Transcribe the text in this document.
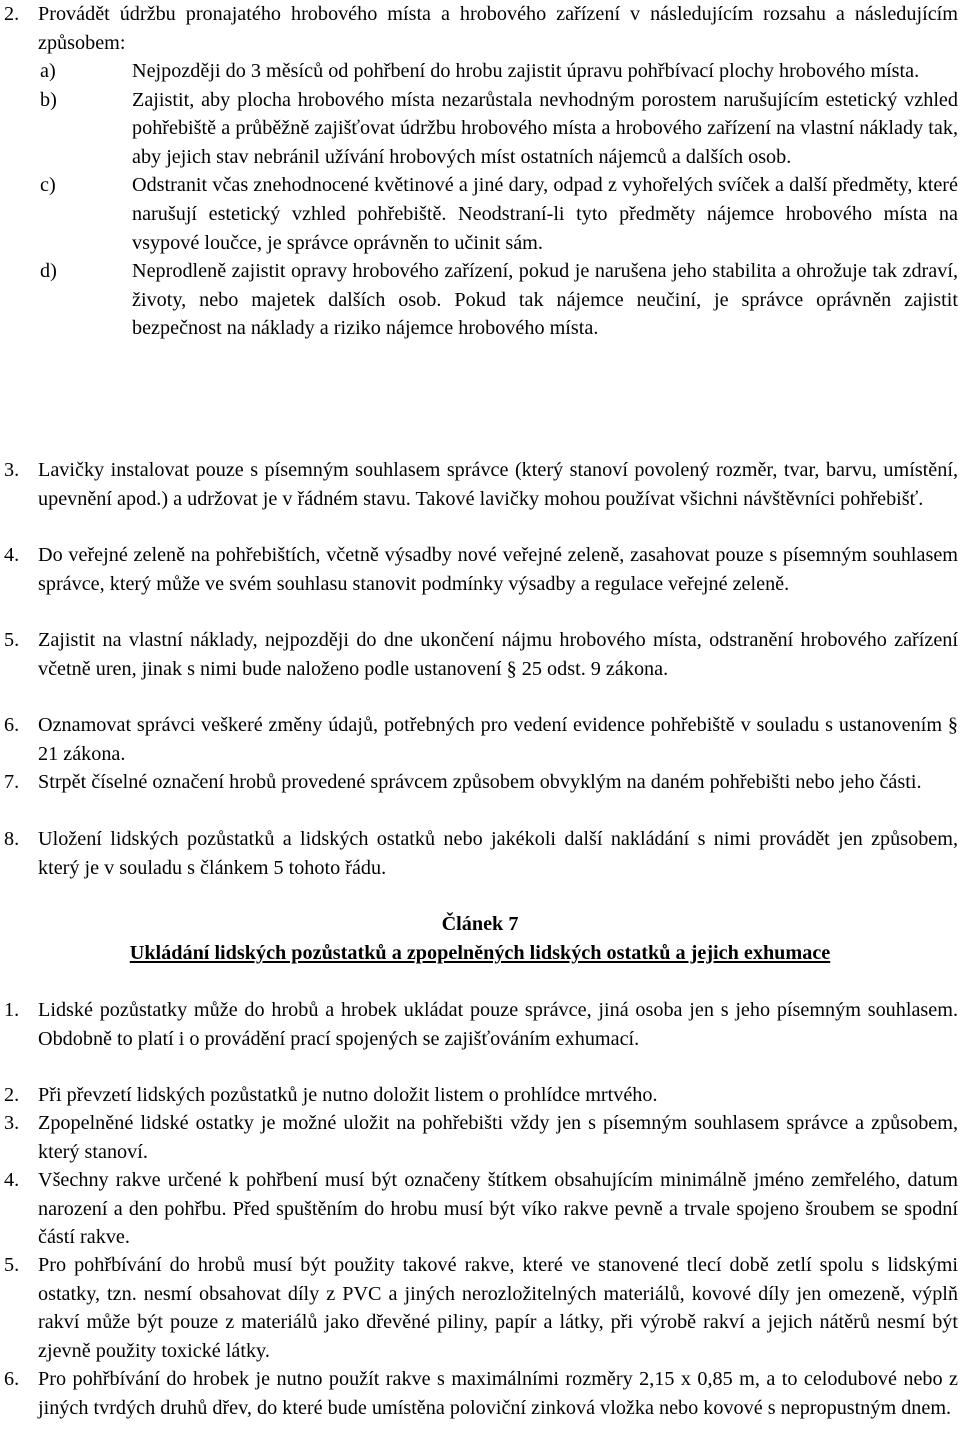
2. Provádět údržbu pronajatého hrobového místa a hrobového zařízení v následujícím rozsahu a následujícím způsobem:
a)	Nejpozději do 3 měsíců od pohřbení do hrobu zajistit úpravu pohřbívací plochy hrobového místa.
b)	Zajistit, aby plocha hrobového místa nezarůstala nevhodným porostem narušujícím estetický vzhled pohřebiště a průběžně zajišťovat údržbu hrobového místa a hrobového zařízení na vlastní náklady tak, aby jejich stav nebránil užívání hrobových míst ostatních nájemců a dalších osob.
c)	Odstranit včas znehodnocené květinové a jiné dary, odpad z vyhořelých svíček a další předměty, které narušují estetický vzhled pohřebiště. Neodstraní-li tyto předměty nájemce hrobového místa na vsypové loučce, je správce oprávněn to učinit sám.
d)	Neprodleně zajistit opravy hrobového zařízení, pokud je narušena jeho stabilita a ohrožuje tak zdraví, životy, nebo majetek dalších osob. Pokud tak nájemce neučiní, je správce oprávněn zajistit bezpečnost na náklady a riziko nájemce hrobového místa.
3. Lavičky instalovat pouze s písemným souhlasem správce (který stanoví povolený rozměr, tvar, barvu, umístění, upevnění apod.) a udržovat je v řádném stavu. Takové lavičky mohou používat všichni návštěvníci pohřebišť.
4. Do veřejné zeleně na pohřebištích, včetně výsadby nové veřejné zeleně, zasahovat pouze s písemným souhlasem správce, který může ve svém souhlasu stanovit podmínky výsadby a regulace veřejné zeleně.
5. Zajistit na vlastní náklady, nejpozději do dne ukončení nájmu hrobového místa, odstranění hrobového zařízení včetně uren, jinak s nimi bude naloženo podle ustanovení § 25 odst. 9 zákona.
6. Oznamovat správci veškeré změny údajů, potřebných pro vedení evidence pohřebiště v souladu s ustanovením § 21 zákona.
7. Strpět číselné označení hrobů provedené správcem způsobem obvyklým na daném pohřebišti nebo jeho části.
8. Uložení lidských pozůstatků a lidských ostatků nebo jakékoli další nakládání s nimi provádět jen způsobem, který je v souladu s článkem 5 tohoto řádu.
Článek 7
Ukládání lidských pozůstatků a zpopelněných lidských ostatků a jejich exhumace
1. Lidské pozůstatky může do hrobů a hrobek ukládat pouze správce, jiná osoba jen s jeho písemným souhlasem. Obdobně to platí i o provádění prací spojených se zajišťováním exhumací.
2. Při převzetí lidských pozůstatků je nutno doložit listem o prohlídce mrtvého.
3. Zpopelněné lidské ostatky je možné uložit na pohřebišti vždy jen s písemným souhlasem správce a způsobem, který stanoví.
4. Všechny rakve určené k pohřbení musí být označeny štítkem obsahujícím minimálně jméno zemřelého, datum narození a den pohřbu. Před spuštěním do hrobu musí být víko rakve pevně a trvale spojeno šroubem se spodní částí rakve.
5. Pro pohřbívání do hrobů musí být použity takové rakve, které ve stanovené tlecí době zetlí spolu s lidskými ostatky, tzn. nesmí obsahovat díly z PVC a jiných nerozložitelných materiálů, kovové díly jen omezeně, výplň rakví může být pouze z materiálů jako dřevěné piliny, papír a látky, při výrobě rakví a jejich nátěrů nesmí být zjevně použity toxické látky.
6. Pro pohřbívání do hrobek je nutno použít rakve s maximálními rozměry 2,15 x 0,85 m, a to celodubové nebo z jiných tvrdých druhů dřev, do které bude umístěna poloviční zinková vložka nebo kovové s nepropustným dnem.
